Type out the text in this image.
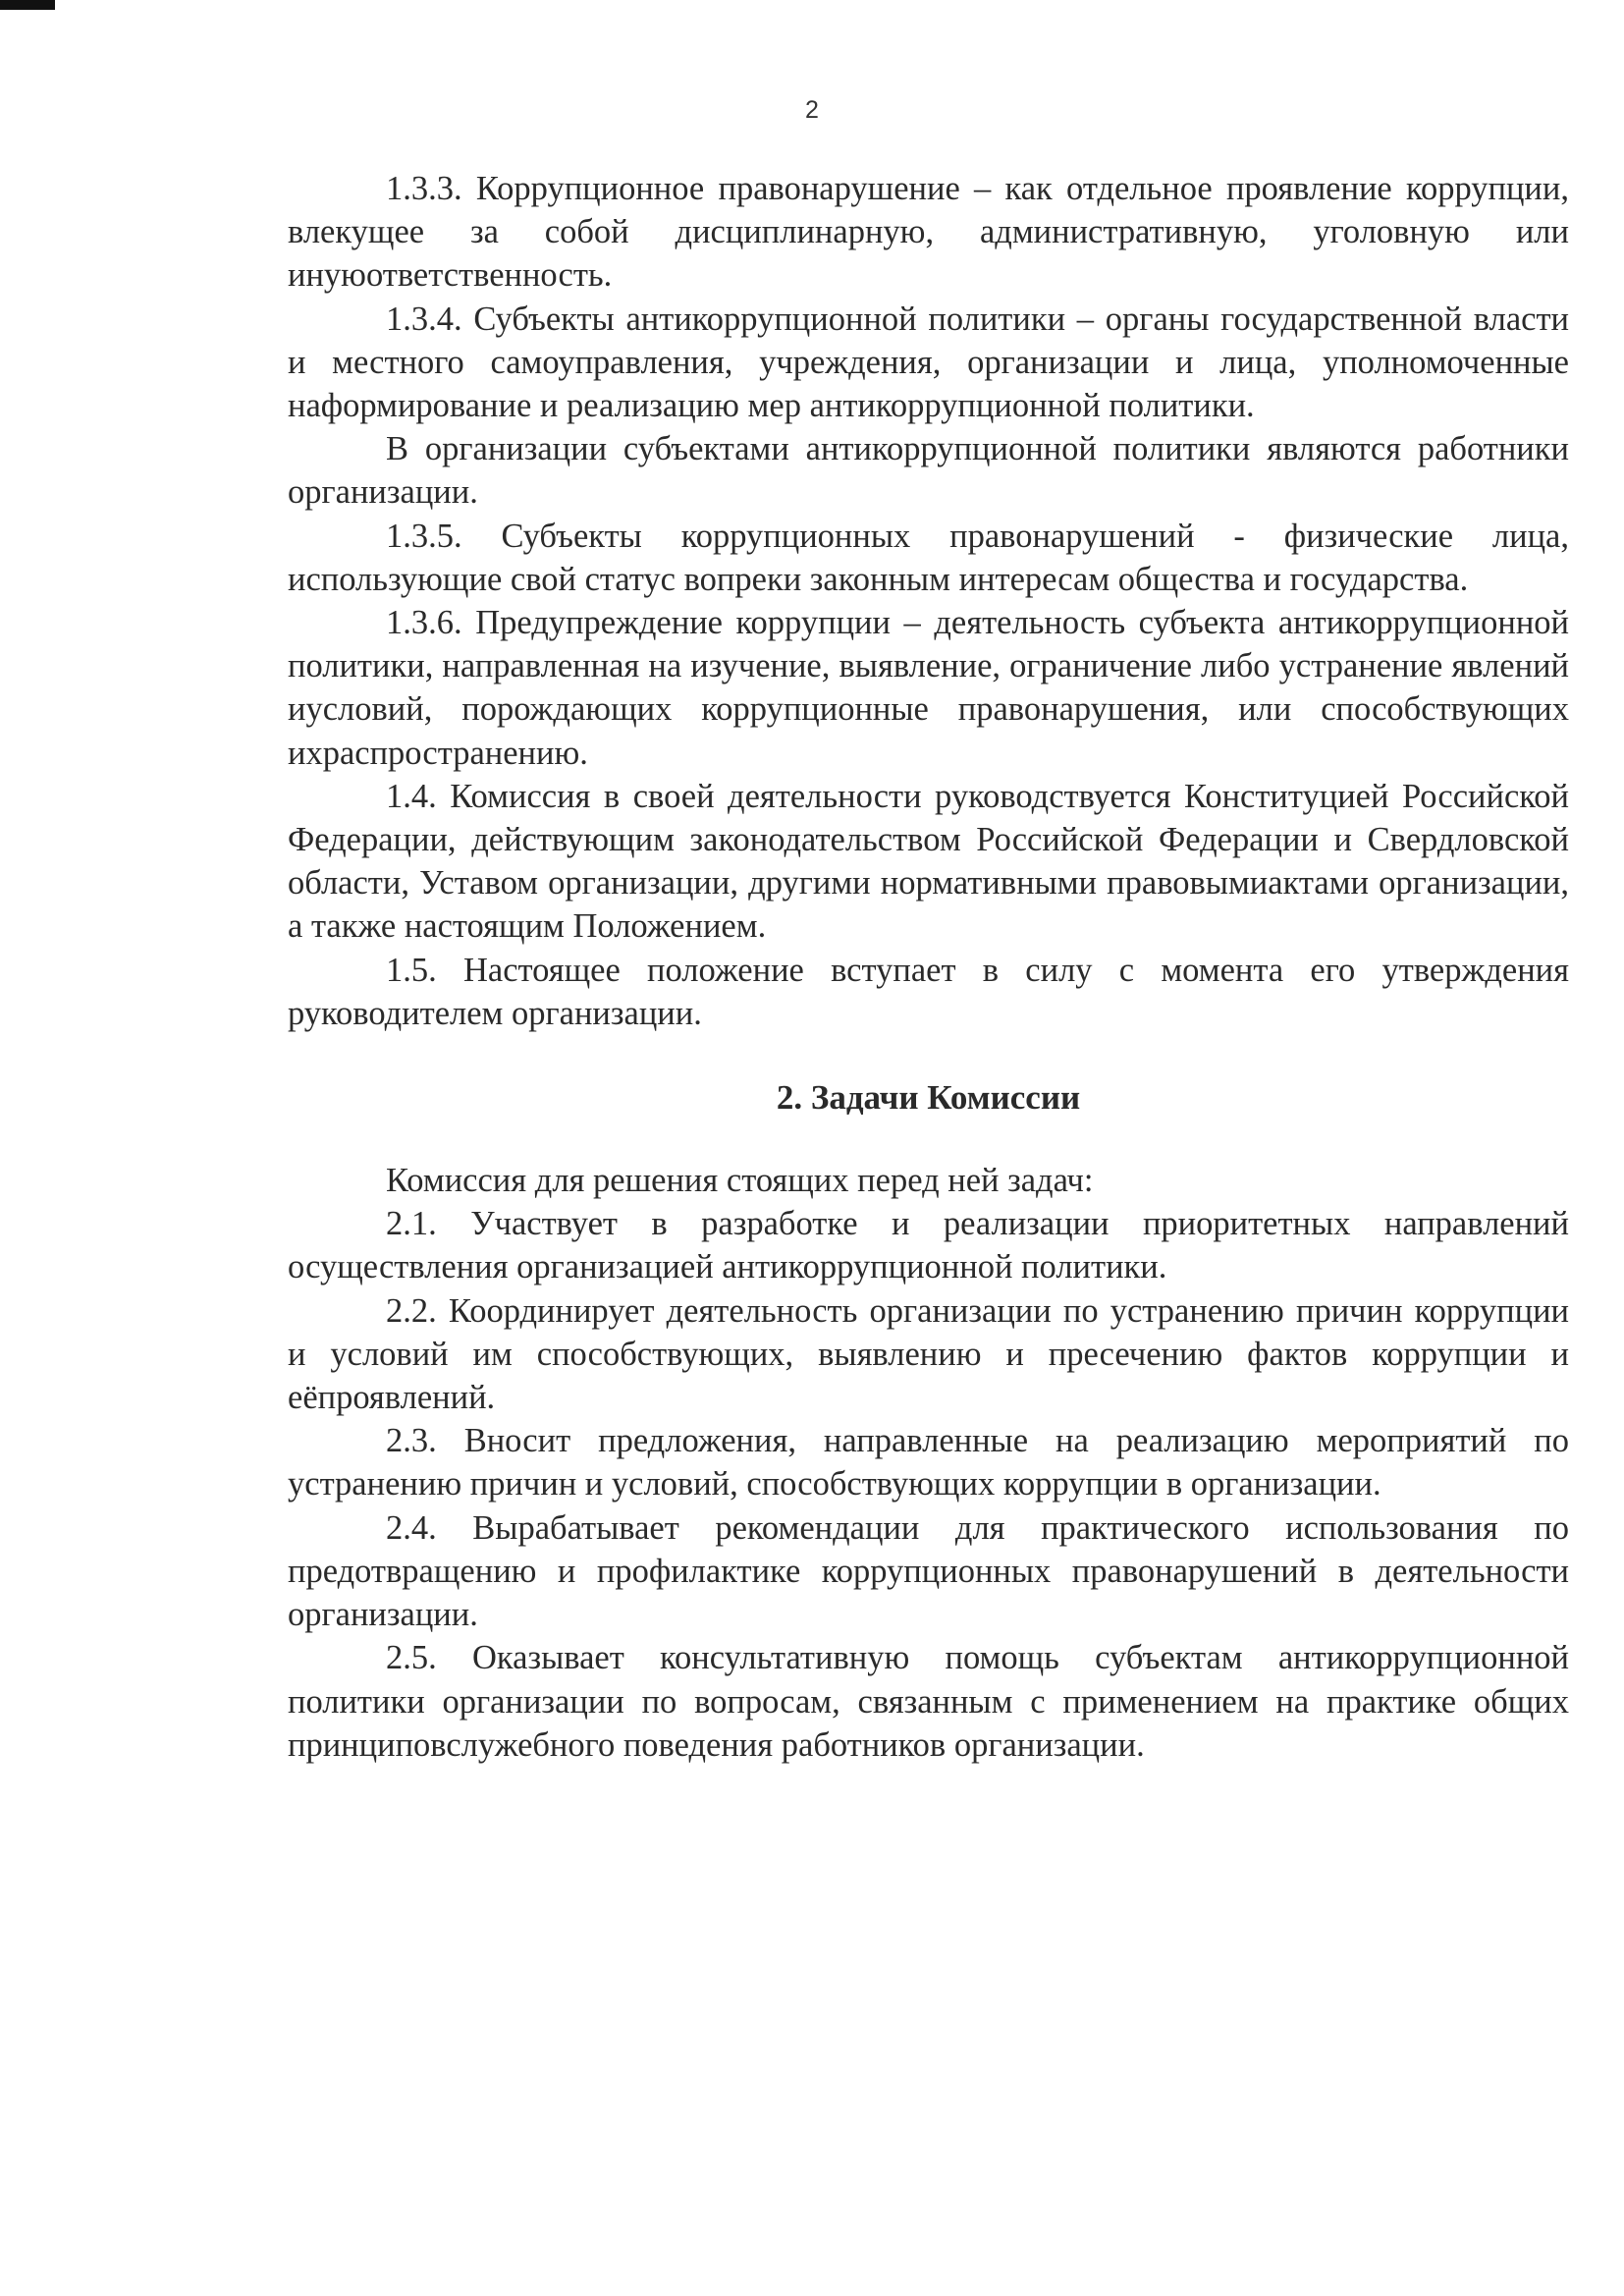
2

1.3.3. Коррупционное правонарушение – как отдельное проявление коррупции, влекущее за собой дисциплинарную, административную, уголовную или инуюответственность.

1.3.4. Субъекты антикоррупционной политики – органы государственной власти и местного самоуправления, учреждения, организации и лица, уполномоченные наформирование и реализацию мер антикоррупционной политики.

В организации субъектами антикоррупционной политики являются работники организации.

1.3.5. Субъекты коррупционных правонарушений - физические лица, использующие свой статус вопреки законным интересам общества и государства.

1.3.6. Предупреждение коррупции – деятельность субъекта антикоррупционной политики, направленная на изучение, выявление, ограничение либо устранение явлений иусловий, порождающих коррупционные правонарушения, или способствующих ихраспространению.

1.4. Комиссия в своей деятельности руководствуется Конституцией Российской Федерации, действующим законодательством Российской Федерации и Свердловской области, Уставом организации, другими нормативными правовымиактами организации, а также настоящим Положением.

1.5. Настоящее положение вступает в силу с момента его утверждения руководителем организации.

2. Задачи Комиссии

Комиссия для решения стоящих перед ней задач:

2.1. Участвует в разработке и реализации приоритетных направлений осуществления организацией антикоррупционной политики.

2.2. Координирует деятельность организации по устранению причин коррупции и условий им способствующих, выявлению и пресечению фактов коррупции и еёпроявлений.

2.3. Вносит предложения, направленные на реализацию мероприятий по устранению причин и условий, способствующих коррупции в организации.

2.4. Вырабатывает рекомендации для практического использования по предотвращению и профилактике коррупционных правонарушений в деятельности организации.

2.5. Оказывает консультативную помощь субъектам антикоррупционной политики организации по вопросам, связанным с применением на практике общих принциповслужебного поведения работников организации.
